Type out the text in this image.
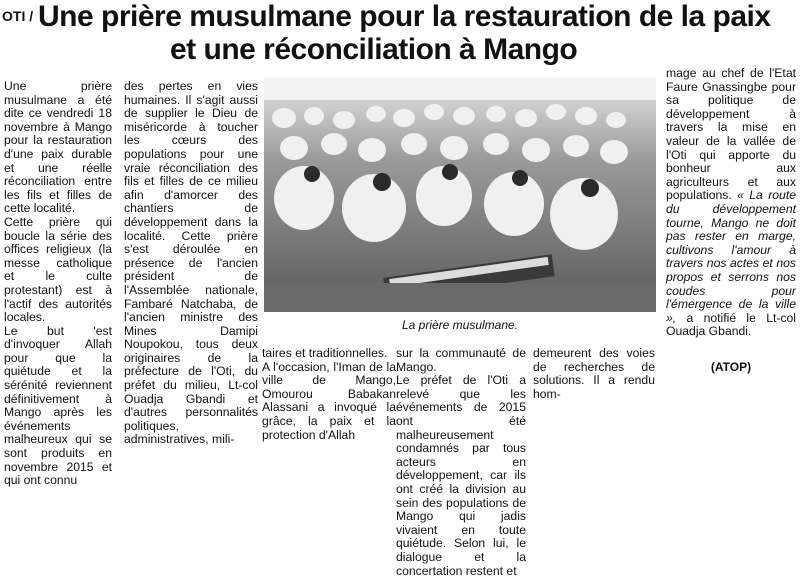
OTI / Une prière musulmane pour la restauration de la paix
et une réconciliation à Mango

Une prière musulmane a été dite ce vendredi 18 novembre à Mango pour la restauration d'une paix durable et une réelle réconciliation entre les fils et filles de cette localité.

Cette prière qui boucle la série des offices religieux (la messe catholique et le culte protestant) est à l'actif des autorités locales.

Le but 'est d'invoquer Allah pour que la quiétude et la sérénité reviennent définitivement à Mango après les événements malheureux qui se sont produits en novembre 2015 et qui ont connu

des pertes en vies humaines. Il s'agit aussi de supplier le Dieu de miséricorde à toucher les cœurs des populations pour une vraie réconciliation des fils et filles de ce milieu afin d'amorcer des chantiers de développement dans la localité. Cette prière s'est déroulée en présence de l'ancien président de l'Assemblée nationale, Fambaré Natchaba, de l'ancien ministre des Mines Damipi Noupokou, tous deux originaires de la préfecture de l'Oti, du préfet du milieu, Lt-col Ouadja Gbandi et d'autres personnalités politiques, administratives, mili-

La prière musulmane.

taires et traditionnelles.

A l'occasion, l'Iman de la ville de Mango, Omourou Babakan Alassani a invoqué la grâce, la paix et la protection d'Allah

sur la communauté de Mango.

Le préfet de l'Oti a relevé que les événements de 2015 ont été malheureusement condamnés par tous acteurs en développement, car ils ont créé la division au sein des populations de Mango qui jadis vivaient en toute quiétude. Selon lui, le dialogue et la concertation restent et

demeurent des voies de recherches de solutions. Il a rendu hom-

mage au chef de l'Etat Faure Gnassingbe pour sa politique de développement à travers la mise en valeur de la vallée de l'Oti qui apporte du bonheur aux agriculteurs et aux populations. « La route du développement tourne, Mango ne doit pas rester en marge, cultivons l'amour à travers nos actes et nos propos et serrons nos coudes pour l'émergence de la ville », a notifié le Lt-col Ouadja Gbandi.

(ATOP)
